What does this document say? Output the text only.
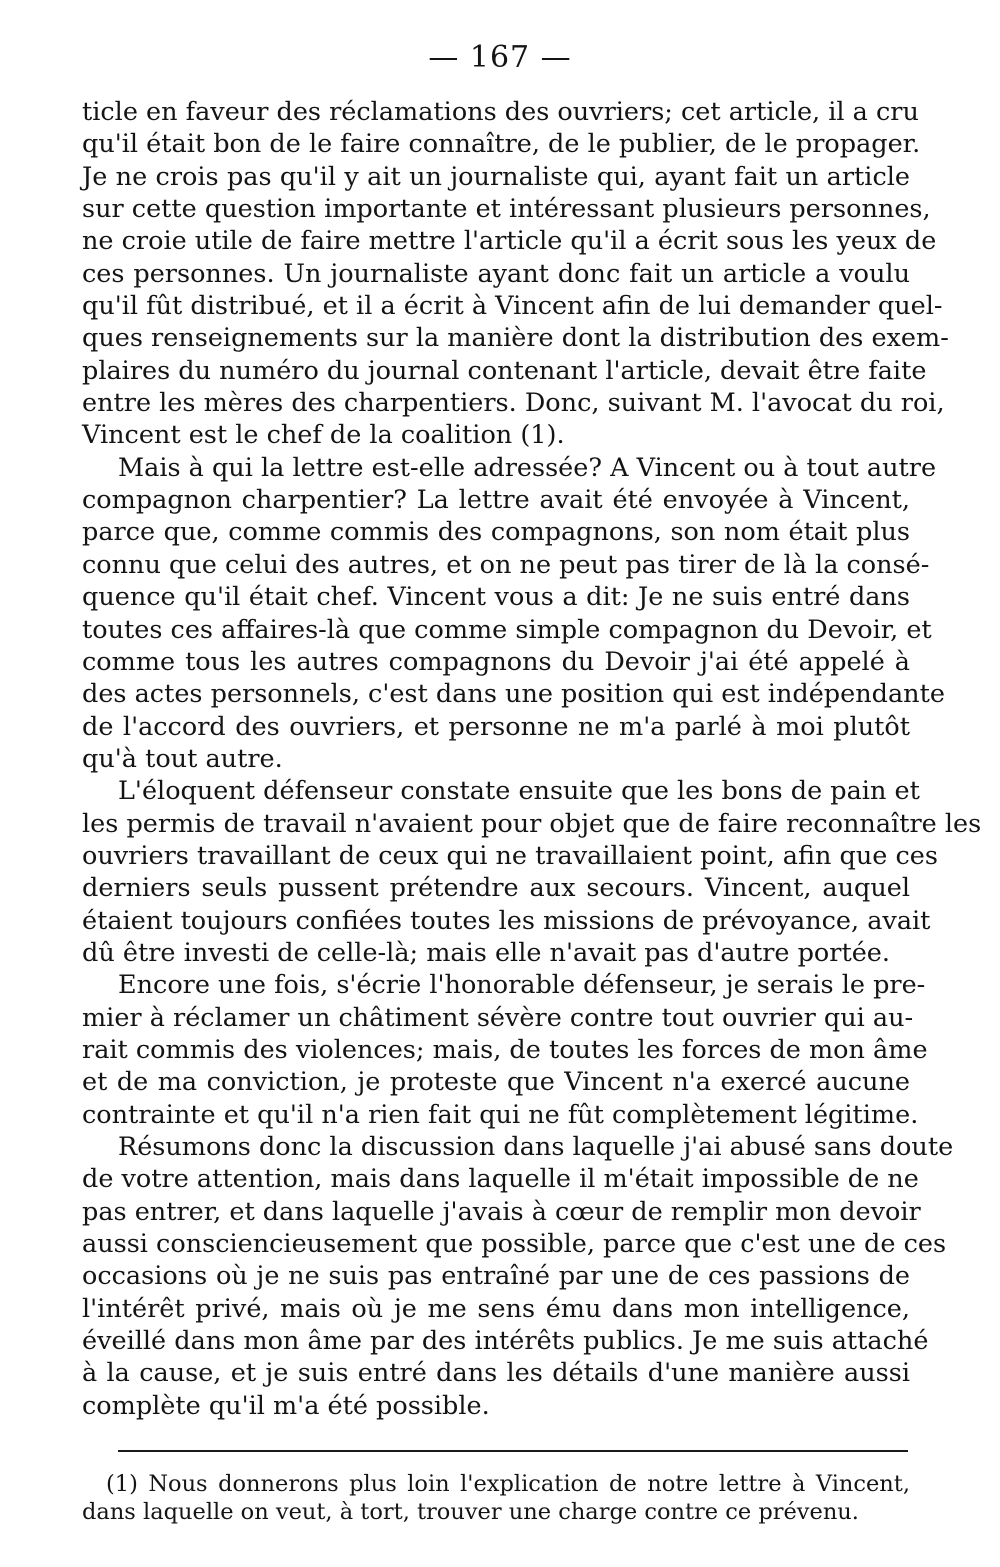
— 167 —
ticle en faveur des réclamations des ouvriers; cet article, il a cru
qu'il était bon de le faire connaître, de le publier, de le propager.
Je ne crois pas qu'il y ait un journaliste qui, ayant fait un article
sur cette question importante et intéressant plusieurs personnes,
ne croie utile de faire mettre l'article qu'il a écrit sous les yeux de
ces personnes. Un journaliste ayant donc fait un article a voulu
qu'il fût distribué, et il a écrit à Vincent afin de lui demander quel-
ques renseignements sur la manière dont la distribution des exem-
plaires du numéro du journal contenant l'article, devait être faite
entre les mères des charpentiers. Donc, suivant M. l'avocat du roi,
Vincent est le chef de la coalition (1).
Mais à qui la lettre est-elle adressée? A Vincent ou à tout autre
compagnon charpentier? La lettre avait été envoyée à Vincent,
parce que, comme commis des compagnons, son nom était plus
connu que celui des autres, et on ne peut pas tirer de là la consé-
quence qu'il était chef. Vincent vous a dit: Je ne suis entré dans
toutes ces affaires-là que comme simple compagnon du Devoir, et
comme tous les autres compagnons du Devoir j'ai été appelé à
des actes personnels, c'est dans une position qui est indépendante
de l'accord des ouvriers, et personne ne m'a parlé à moi plutôt
qu'à tout autre.
L'éloquent défenseur constate ensuite que les bons de pain et
les permis de travail n'avaient pour objet que de faire reconnaître les
ouvriers travaillant de ceux qui ne travaillaient point, afin que ces
derniers seuls pussent prétendre aux secours. Vincent, auquel
étaient toujours confiées toutes les missions de prévoyance, avait
dû être investi de celle-là; mais elle n'avait pas d'autre portée.
Encore une fois, s'écrie l'honorable défenseur, je serais le pre-
mier à réclamer un châtiment sévère contre tout ouvrier qui au-
rait commis des violences; mais, de toutes les forces de mon âme
et de ma conviction, je proteste que Vincent n'a exercé aucune
contrainte et qu'il n'a rien fait qui ne fût complètement légitime.
Résumons donc la discussion dans laquelle j'ai abusé sans doute
de votre attention, mais dans laquelle il m'était impossible de ne
pas entrer, et dans laquelle j'avais à cœur de remplir mon devoir
aussi consciencieusement que possible, parce que c'est une de ces
occasions où je ne suis pas entraîné par une de ces passions de
l'intérêt privé, mais où je me sens ému dans mon intelligence,
éveillé dans mon âme par des intérêts publics. Je me suis attaché
à la cause, et je suis entré dans les détails d'une manière aussi
complète qu'il m'a été possible.
(1) Nous donnerons plus loin l'explication de notre lettre à Vincent,
dans laquelle on veut, à tort, trouver une charge contre ce prévenu.
